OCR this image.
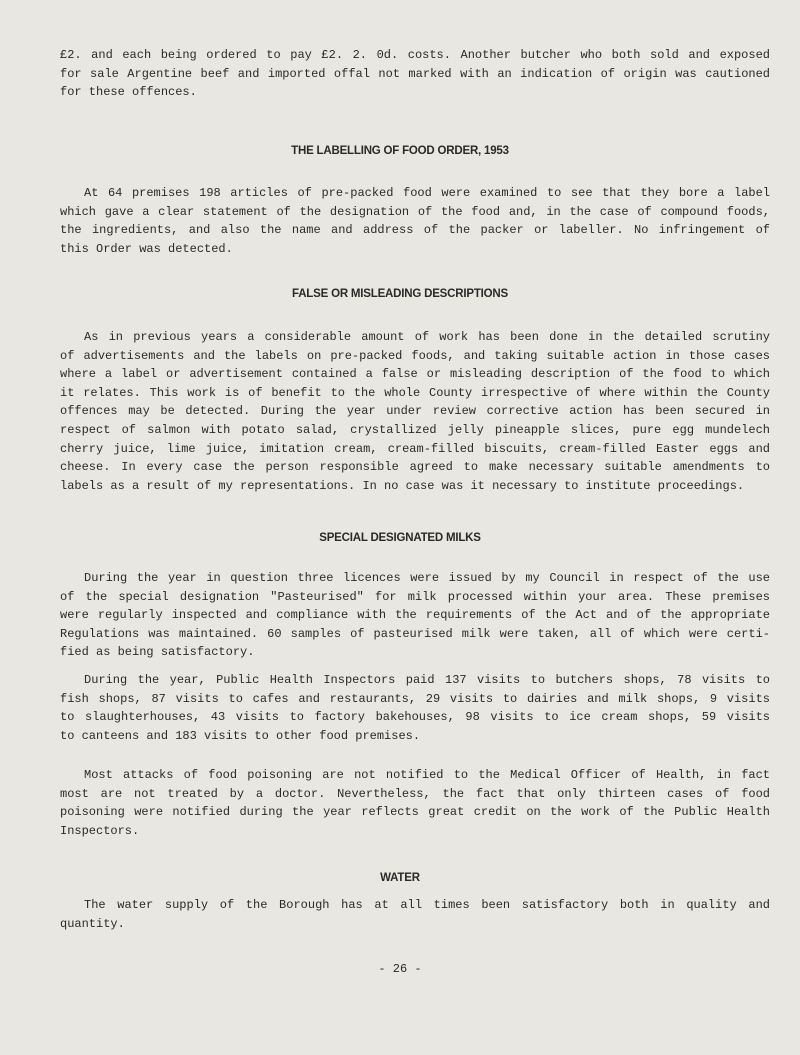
£2. and each being ordered to pay £2. 2. 0d. costs. Another butcher who both sold and exposed
for sale Argentine beef and imported offal not marked with an indication of origin was cautioned
for these offences.
THE LABELLING OF FOOD ORDER, 1953
At 64 premises 198 articles of pre-packed food were examined to see that they bore a label
which gave a clear statement of the designation of the food and, in the case of compound foods,
the ingredients, and also the name and address of the packer or labeller. No infringement of
this Order was detected.
FALSE OR MISLEADING DESCRIPTIONS
As in previous years a considerable amount of work has been done in the detailed scrutiny
of advertisements and the labels on pre-packed foods, and taking suitable action in those cases
where a label or advertisement contained a false or misleading description of the food to which
it relates. This work is of benefit to the whole County irrespective of where within the County
offences may be detected. During the year under review corrective action has been secured in
respect of salmon with potato salad, crystallized jelly pineapple slices, pure egg mundelech
cherry juice, lime juice, imitation cream, cream-filled biscuits, cream-filled Easter eggs and
cheese. In every case the person responsible agreed to make necessary suitable amendments to
labels as a result of my representations. In no case was it necessary to institute proceedings.
SPECIAL DESIGNATED MILKS
During the year in question three licences were issued by my Council in respect of the use
of the special designation "Pasteurised" for milk processed within your area. These premises
were regularly inspected and compliance with the requirements of the Act and of the appropriate
Regulations was maintained. 60 samples of pasteurised milk were taken, all of which were certi-
fied as being satisfactory.
During the year, Public Health Inspectors paid 137 visits to butchers shops, 78 visits to
fish shops, 87 visits to cafes and restaurants, 29 visits to dairies and milk shops, 9 visits
to slaughterhouses, 43 visits to factory bakehouses, 98 visits to ice cream shops, 59 visits
to canteens and 183 visits to other food premises.
Most attacks of food poisoning are not notified to the Medical Officer of Health, in fact
most are not treated by a doctor. Nevertheless, the fact that only thirteen cases of food
poisoning were notified during the year reflects great credit on the work of the Public Health
Inspectors.
WATER
The water supply of the Borough has at all times been satisfactory both in quality and
quantity.
- 26 -
